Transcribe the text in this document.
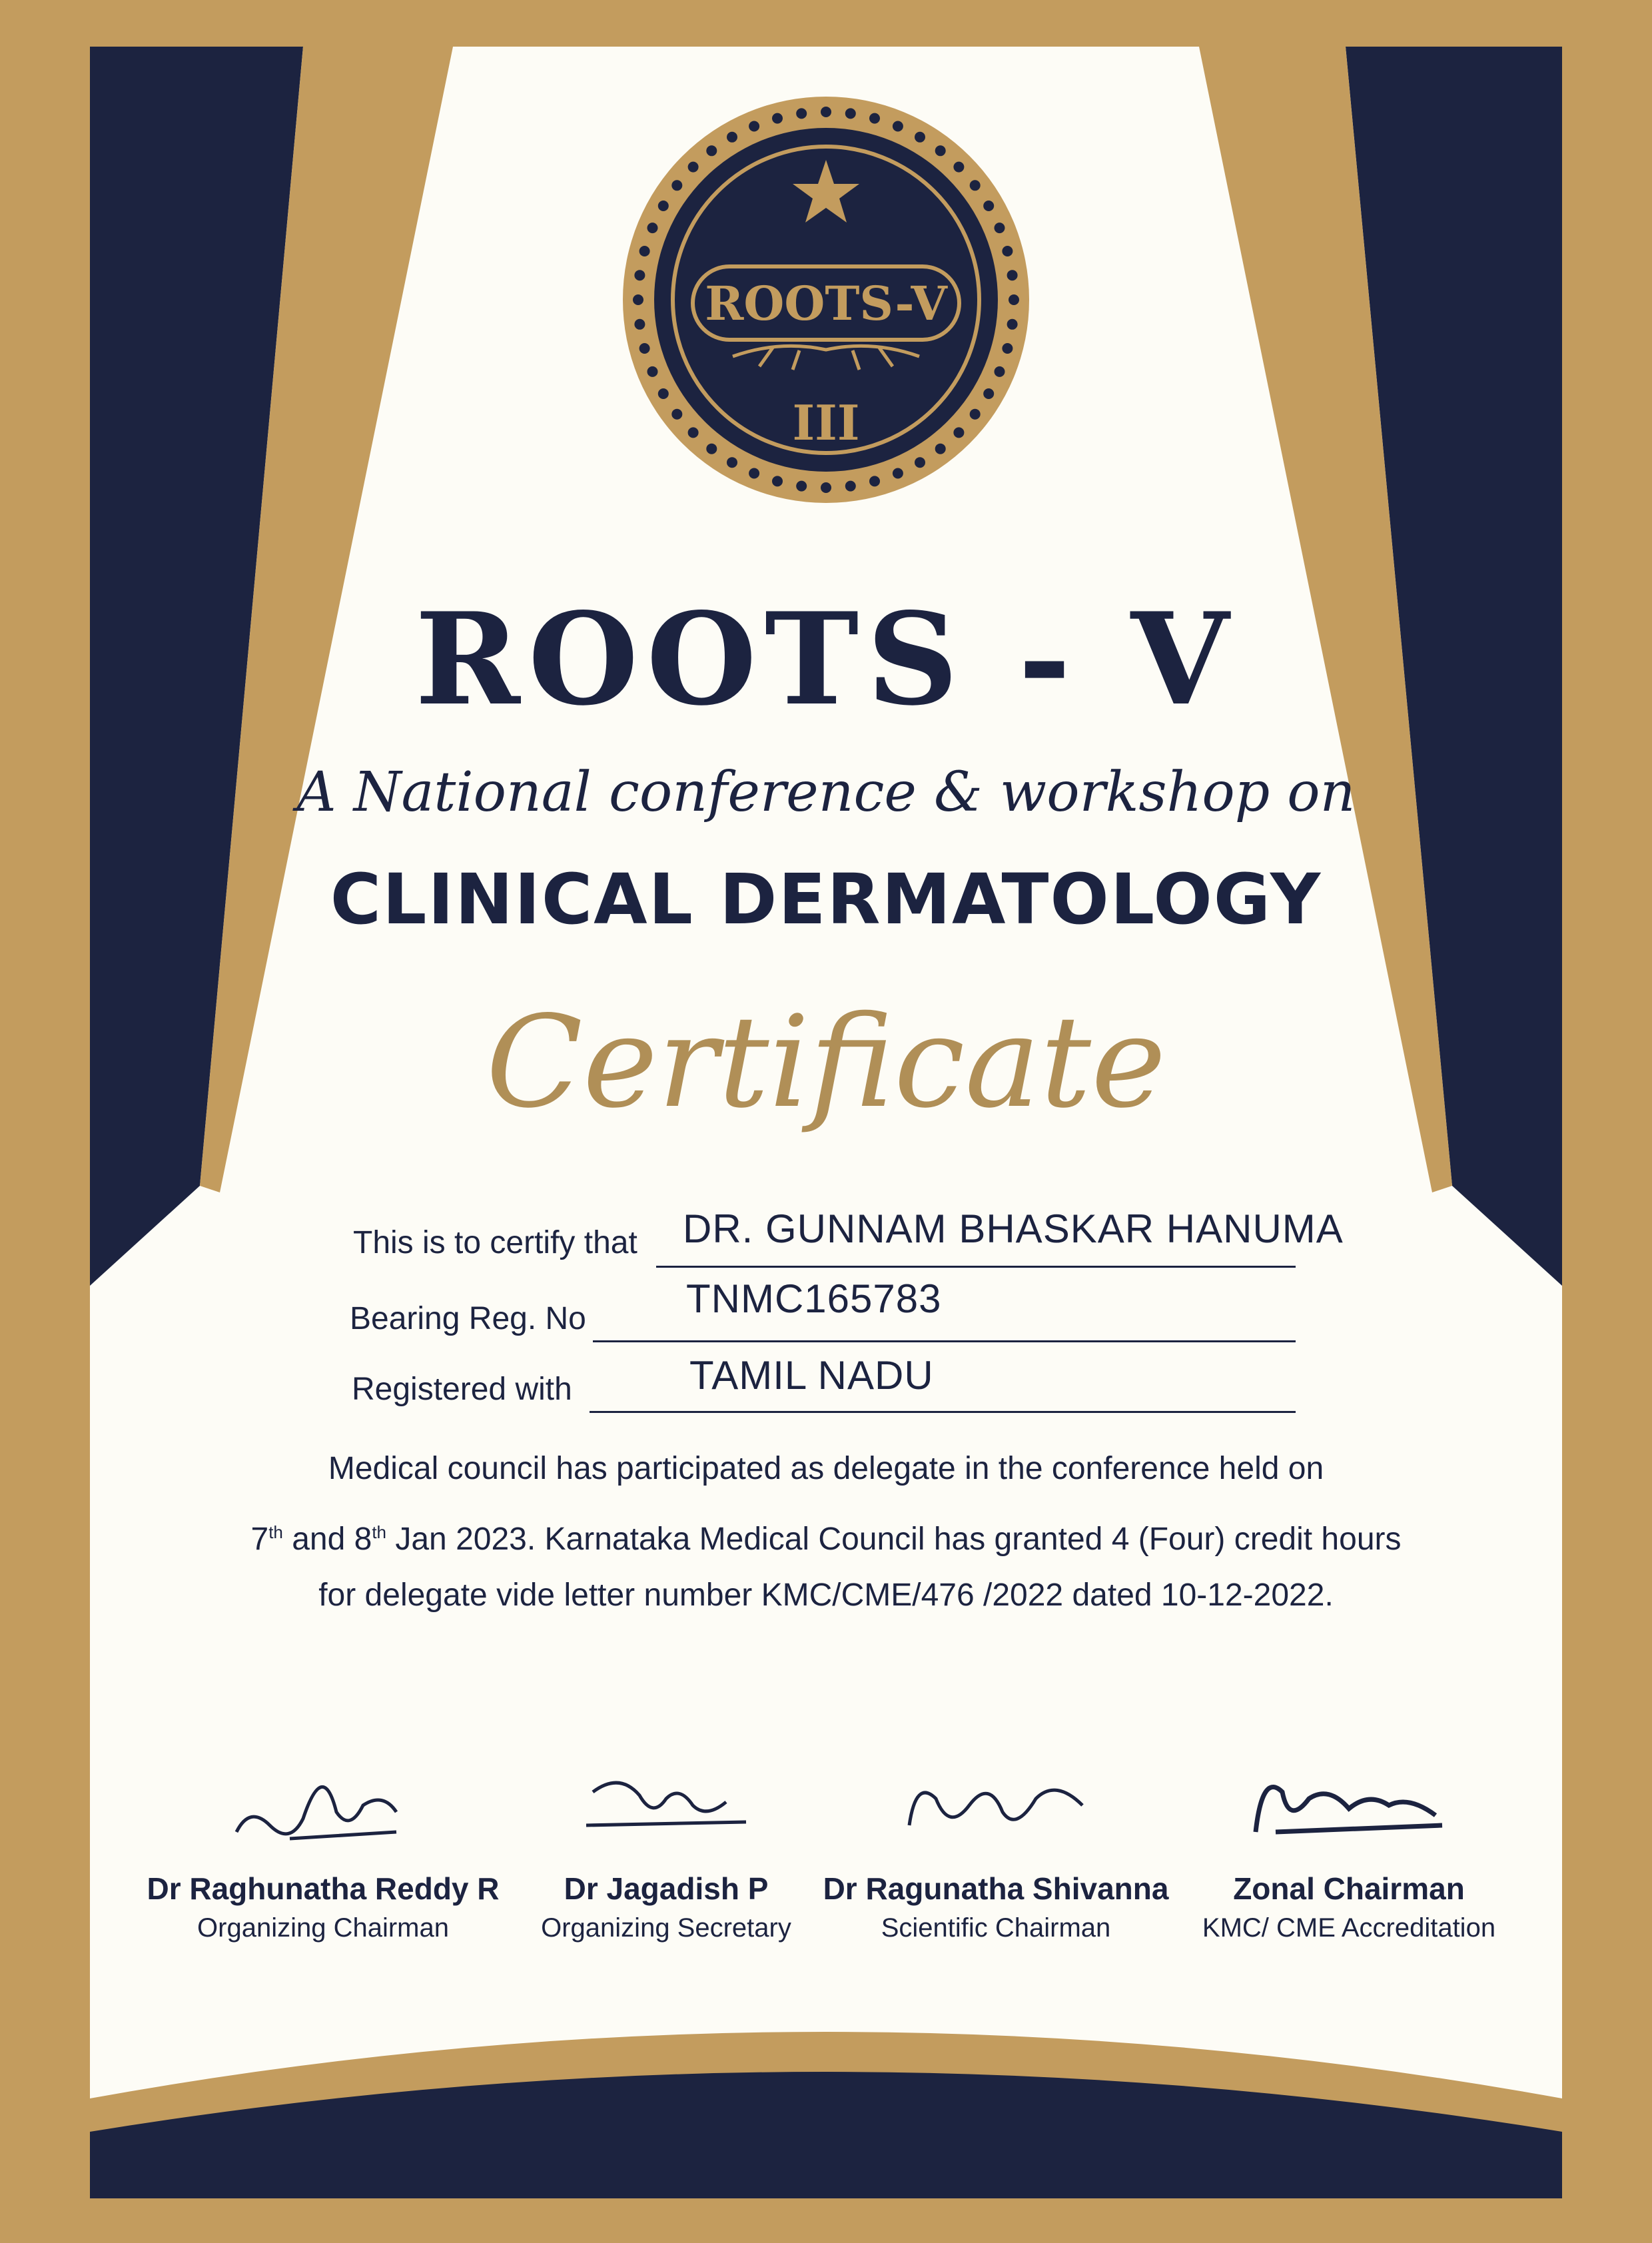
ROOTS-V
III
ROOTS - V
A National conference & workshop on
CLINICAL DERMATOLOGY
Certificate
This is to certify that DR. GUNNAM BHASKAR HANUMA
Bearing Reg. No	TNMC165783
Registered with	TAMIL NADU
Medical council has participated as delegate in the conference held on
7th and 8th Jan 2023. Karnataka Medical Council has granted 4 (Four) credit hours
for delegate vide letter number KMC/CME/476 /2022 dated 10-12-2022.
Dr Raghunatha Reddy R
Organizing Chairman
Dr Jagadish P
Organizing Secretary
Dr Ragunatha Shivanna
Scientific Chairman
Zonal Chairman
KMC/ CME Accreditation
